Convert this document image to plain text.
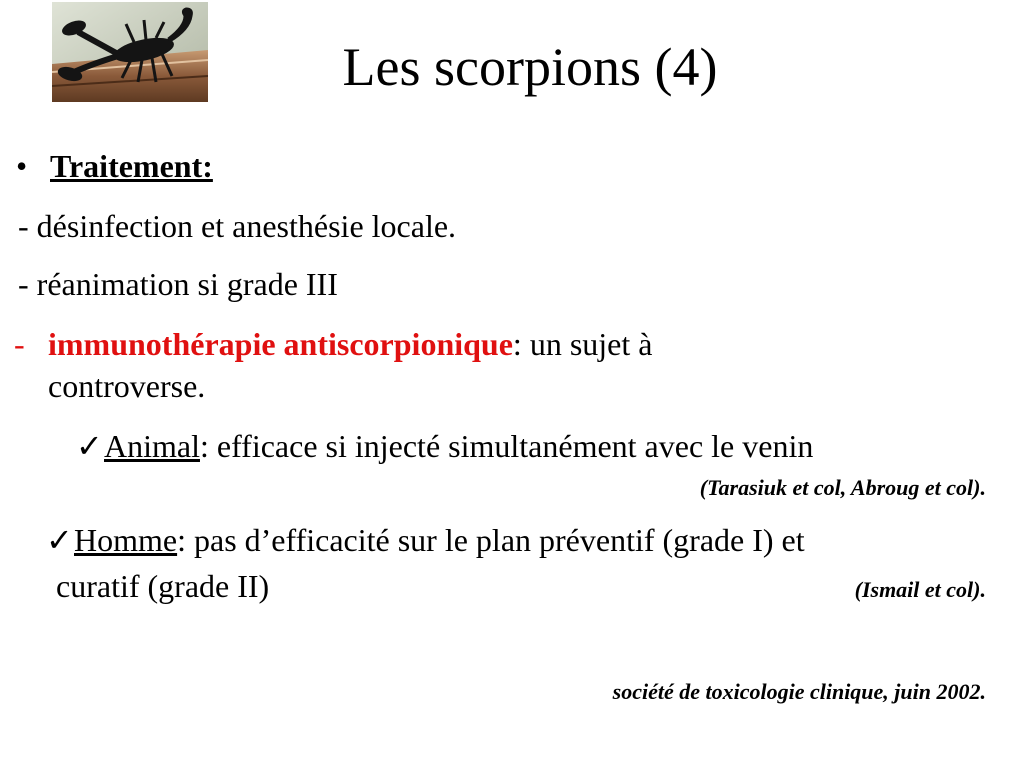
Les scorpions (4)
• Traitement:
- désinfection et anesthésie locale.
- réanimation si grade III
- immunothérapie antiscorpionique: un sujet à
controverse.
✓Animal: efficace si injecté simultanément avec le venin
(Tarasiuk et col, Abroug et col).
✓Homme: pas d’efficacité sur le plan préventif (grade I) et
curatif (grade II)	(Ismail et col).
société de toxicologie clinique, juin 2002.
